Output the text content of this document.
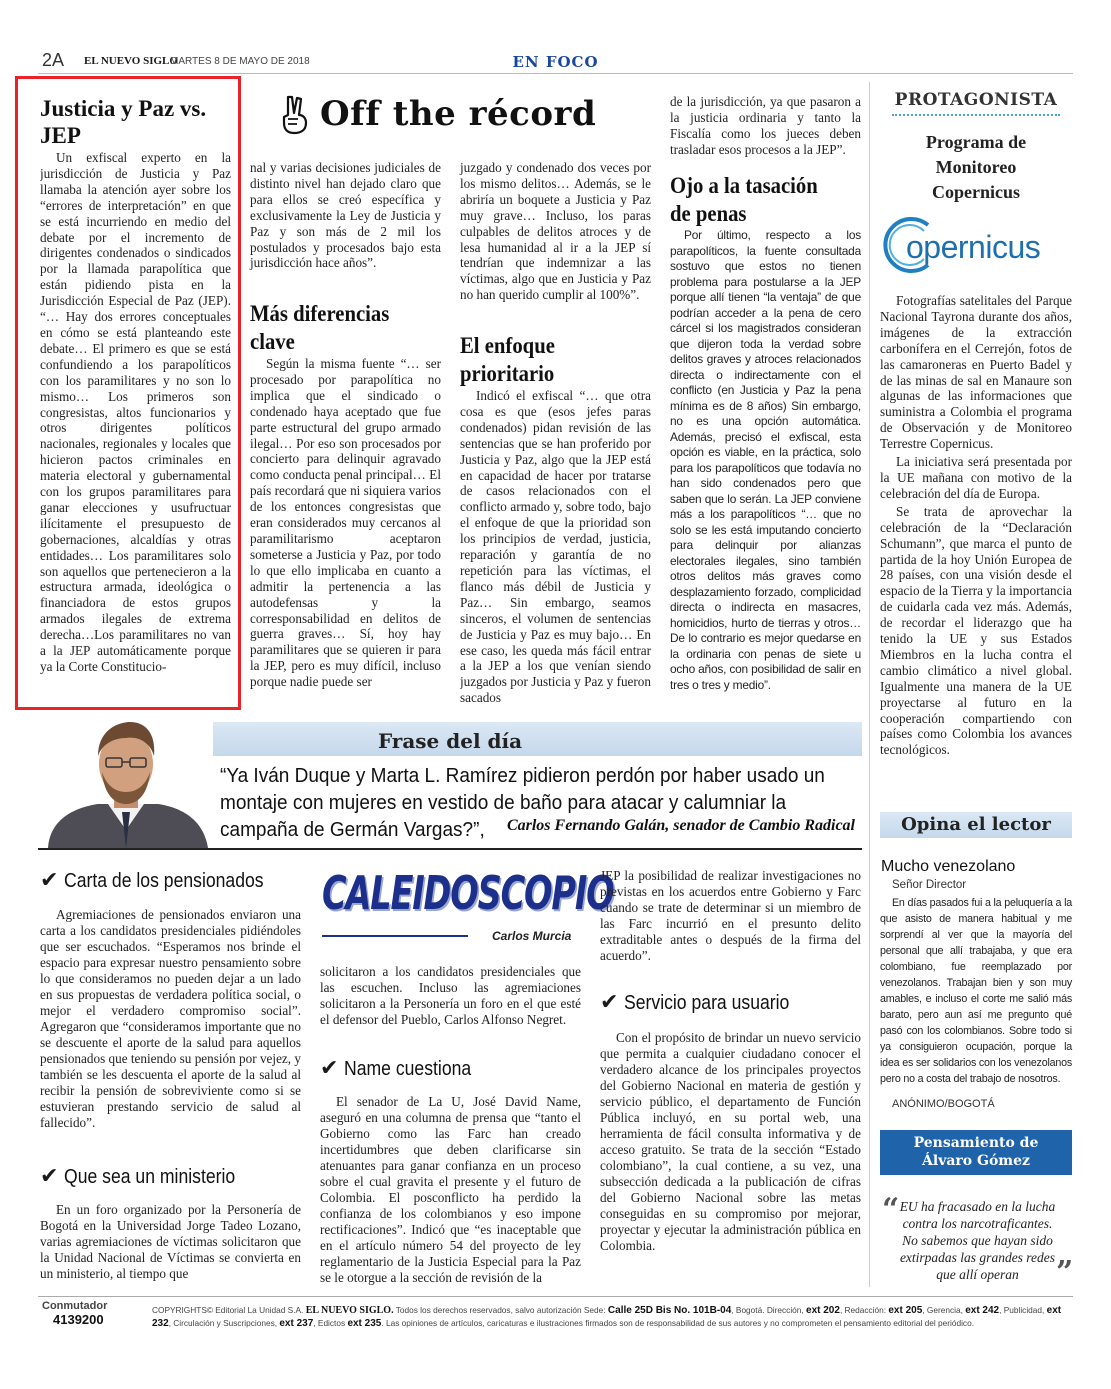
2A EL NUEVO SIGLO
MARTES 8 DE MAYO DE 2018	EN FOCO
Off the récord
Justicia y Paz vs. JEP

Un exfiscal experto en la jurisdicción de Justicia y Paz llamaba la atención ayer sobre los “errores de interpretación” en que se está incurriendo en medio del debate por el incremento de dirigentes condenados o sindicados por la llamada parapolítica que están pidiendo pista en la Jurisdicción Especial de Paz (JEP). “… Hay dos errores conceptuales en cómo se está planteando este debate… El primero es que se está confundiendo a los parapolíticos con los paramilitares y no son lo mismo… Los primeros son congresistas, altos funcionarios y otros dirigentes políticos nacionales, regionales y locales que hicieron pactos criminales en materia electoral y gubernamental con los grupos paramilitares para ganar elecciones y usufructuar ilícitamente el presupuesto de gobernaciones, alcaldías y otras entidades… Los paramilitares solo son aquellos que pertenecieron a la estructura armada, ideológica o financiadora de estos grupos armados ilegales de extrema derecha…Los paramilitares no van a la JEP automáticamente porque ya la Corte Constitucio-

nal y varias decisiones judiciales de distinto nivel han dejado claro que para ellos se creó específica y exclusivamente la Ley de Justicia y Paz y son más de 2 mil los postulados y procesados bajo esta jurisdicción hace años”.

Más diferencias clave

Según la misma fuente “… ser procesado por parapolítica no implica que el sindicado o condenado haya aceptado que fue parte estructural del grupo armado ilegal… Por eso son procesados por concierto para delinquir agravado como conducta penal principal… El país recordará que ni siquiera varios de los entonces congresistas que eran considerados muy cercanos al paramilitarismo aceptaron someterse a Justicia y Paz, por todo lo que ello implicaba en cuanto a admitir la pertenencia a las autodefensas y la corresponsabilidad en delitos de guerra graves… Sí, hoy hay paramilitares que se quieren ir para la JEP, pero es muy difícil, incluso porque nadie puede ser

juzgado y condenado dos veces por los mismo delitos… Además, se le abriría un boquete a Justicia y Paz muy grave… Incluso, los paras culpables de delitos atroces y de lesa humanidad al ir a la JEP sí tendrían que indemnizar a las víctimas, algo que en Justicia y Paz no han querido cumplir al 100%”.

El enfoque prioritario

Indicó el exfiscal “… que otra cosa es que (esos jefes paras condenados) pidan revisión de las sentencias que se han proferido por Justicia y Paz, algo que la JEP está en capacidad de hacer por tratarse de casos relacionados con el conflicto armado y, sobre todo, bajo el enfoque de que la prioridad son los principios de verdad, justicia, reparación y garantía de no repetición para las víctimas, el flanco más débil de Justicia y Paz… Sin embargo, seamos sinceros, el volumen de sentencias de Justicia y Paz es muy bajo… En ese caso, les queda más fácil entrar a la JEP a los que venían siendo juzgados por Justicia y Paz y fueron sacados

de la jurisdicción, ya que pasaron a la justicia ordinaria y tanto la Fiscalía como los jueces deben trasladar esos procesos a la JEP”.

Ojo a la tasación de penas

Por último, respecto a los parapolíticos, la fuente consultada sostuvo que estos no tienen problema para postularse a la JEP porque allí tienen “la ventaja” de que podrían acceder a la pena de cero cárcel si los magistrados consideran que dijeron toda la verdad sobre delitos graves y atroces relacionados directa o indirectamente con el conflicto (en Justicia y Paz la pena mínima es de 8 años) Sin embargo, no es una opción automática. Además, precisó el exfiscal, esta opción es viable, en la práctica, solo para los parapolíticos que todavía no han sido condenados pero que saben que lo serán. La JEP conviene más a los parapolíticos “… que no solo se les está imputando concierto para delinquir por alianzas electorales ilegales, sino también otros delitos más graves como desplazamiento forzado, complicidad directa o indirecta en masacres, homicidios, hurto de tierras y otros…De lo contrario es mejor quedarse en la ordinaria con penas de siete u ocho años, con posibilidad de salir en tres o tres y medio”.

Frase del día
“Ya Iván Duque y Marta L. Ramírez pidieron perdón por haber usado un montaje con mujeres en vestido de baño para atacar y calumniar la campaña de Germán Vargas?”,	Carlos Fernando Galán, senador de Cambio Radical
PROTAGONISTA
Programa de Monitoreo Copernicus
opernicus

Fotografías satelitales del Parque Nacional Tayrona durante dos años, imágenes de la extracción carbonífera en el Cerrejón, fotos de las camaroneras en Puerto Badel y de las minas de sal en Manaure son algunas de las informaciones que suministra a Colombia el programa de Observación y de Monitoreo Terrestre Copernicus.

La iniciativa será presentada por la UE mañana con motivo de la celebración del día de Europa.

Se trata de aprovechar la celebración de la “Declaración Schumann”, que marca el punto de partida de la hoy Unión Europea de 28 países, con una visión desde el espacio de la Tierra y la importancia de cuidarla cada vez más. Además, de recordar el liderazgo que ha tenido la UE y sus Estados Miembros en la lucha contra el cambio climático a nivel global. Igualmente una manera de la UE proyectarse al futuro en la cooperación compartiendo con países como Colombia los avances tecnológicos.

Opina el lector
Mucho venezolano
Señor Director

En días pasados fui a la peluquería a la que asisto de manera habitual y me sorprendí al ver que la mayoría del personal que allí trabajaba, y que era colombiano, fue reemplazado por venezolanos. Trabajan bien y son muy amables, e incluso el corte me salió más barato, pero aun así me pregunto qué pasó con los colombianos. Sobre todo si ya consiguieron ocupación, porque la idea es ser solidarios con los venezolanos pero no a costa del trabajo de nosotros.

ANÓNIMO/BOGOTÁ
Pensamiento de Álvaro Gómez
“ EU ha fracasado en la lucha contra los narcotraficantes. No sabemos que hayan sido extirpadas las grandes redes que allí operan	”
✔ Carta de los pensionados

Agremiaciones de pensionados enviaron una carta a los candidatos presidenciales pidiéndoles que ser escuchados. “Esperamos nos brinde el espacio para expresar nuestro pensamiento sobre lo que consideramos no pueden dejar a un lado en sus propuestas de verdadera política social, o mejor el verdadero compromiso social”. Agregaron que “consideramos importante que no se descuente el aporte de la salud para aquellos pensionados que teniendo su pensión por vejez, y también se les descuenta el aporte de la salud al recibir la pensión de sobreviviente como si se estuvieran prestando servicio de salud al fallecido”.

✔ Que sea un ministerio

En un foro organizado por la Personería de Bogotá en la Universidad Jorge Tadeo Lozano, varias agremiaciones de víctimas solicitaron que la Unidad Nacional de Víctimas se convierta en un ministerio, al tiempo que

CALEIDOSCOPIO
Carlos Murcia

solicitaron a los candidatos presidenciales que las escuchen. Incluso las agremiaciones solicitaron a la Personería un foro en el que esté el defensor del Pueblo, Carlos Alfonso Negret.

✔ Name cuestiona

El senador de La U, José David Name, aseguró en una columna de prensa que “tanto el Gobierno como las Farc han creado incertidumbres que deben clarificarse sin atenuantes para ganar confianza en un proceso sobre el cual gravita el presente y el futuro de Colombia. El posconflicto ha perdido la confianza de los colombianos y eso impone rectificaciones”. Indicó que “es inaceptable que en el artículo número 54 del proyecto de ley reglamentario de la Justicia Especial para la Paz se le otorgue a la sección de revisión de la

JEP la posibilidad de realizar investigaciones no previstas en los acuerdos entre Gobierno y Farc cuando se trate de determinar si un miembro de las Farc incurrió en el presunto delito extraditable antes o después de la firma del acuerdo”.

✔ Servicio para usuario

Con el propósito de brindar un nuevo servicio que permita a cualquier ciudadano conocer el verdadero alcance de los principales proyectos del Gobierno Nacional en materia de gestión y servicio público, el departamento de Función Pública incluyó, en su portal web, una herramienta de fácil consulta informativa y de acceso gratuito. Se trata de la sección “Estado colombiano”, la cual contiene, a su vez, una subsección dedicada a la publicación de cifras del Gobierno Nacional sobre las metas conseguidas en su compromiso por mejorar, proyectar y ejecutar la administración pública en Colombia.

Conmutador
4139200
COPYRIGHTS© Editorial La Unidad S.A. EL NUEVO SIGLO. Todos los derechos reservados, salvo autorización Sede: Calle 25D Bis No. 101B-04, Bogotá. Dirección, ext 202, Redacción: ext 205, Gerencia, ext 242, Publicidad, ext 232, Circulación y Suscripciones, ext 237, Edictos ext 235. Las opiniones de artículos, caricaturas e ilustraciones firmados son de responsabilidad de sus autores y no comprometen el pensamiento editorial del periódico.
